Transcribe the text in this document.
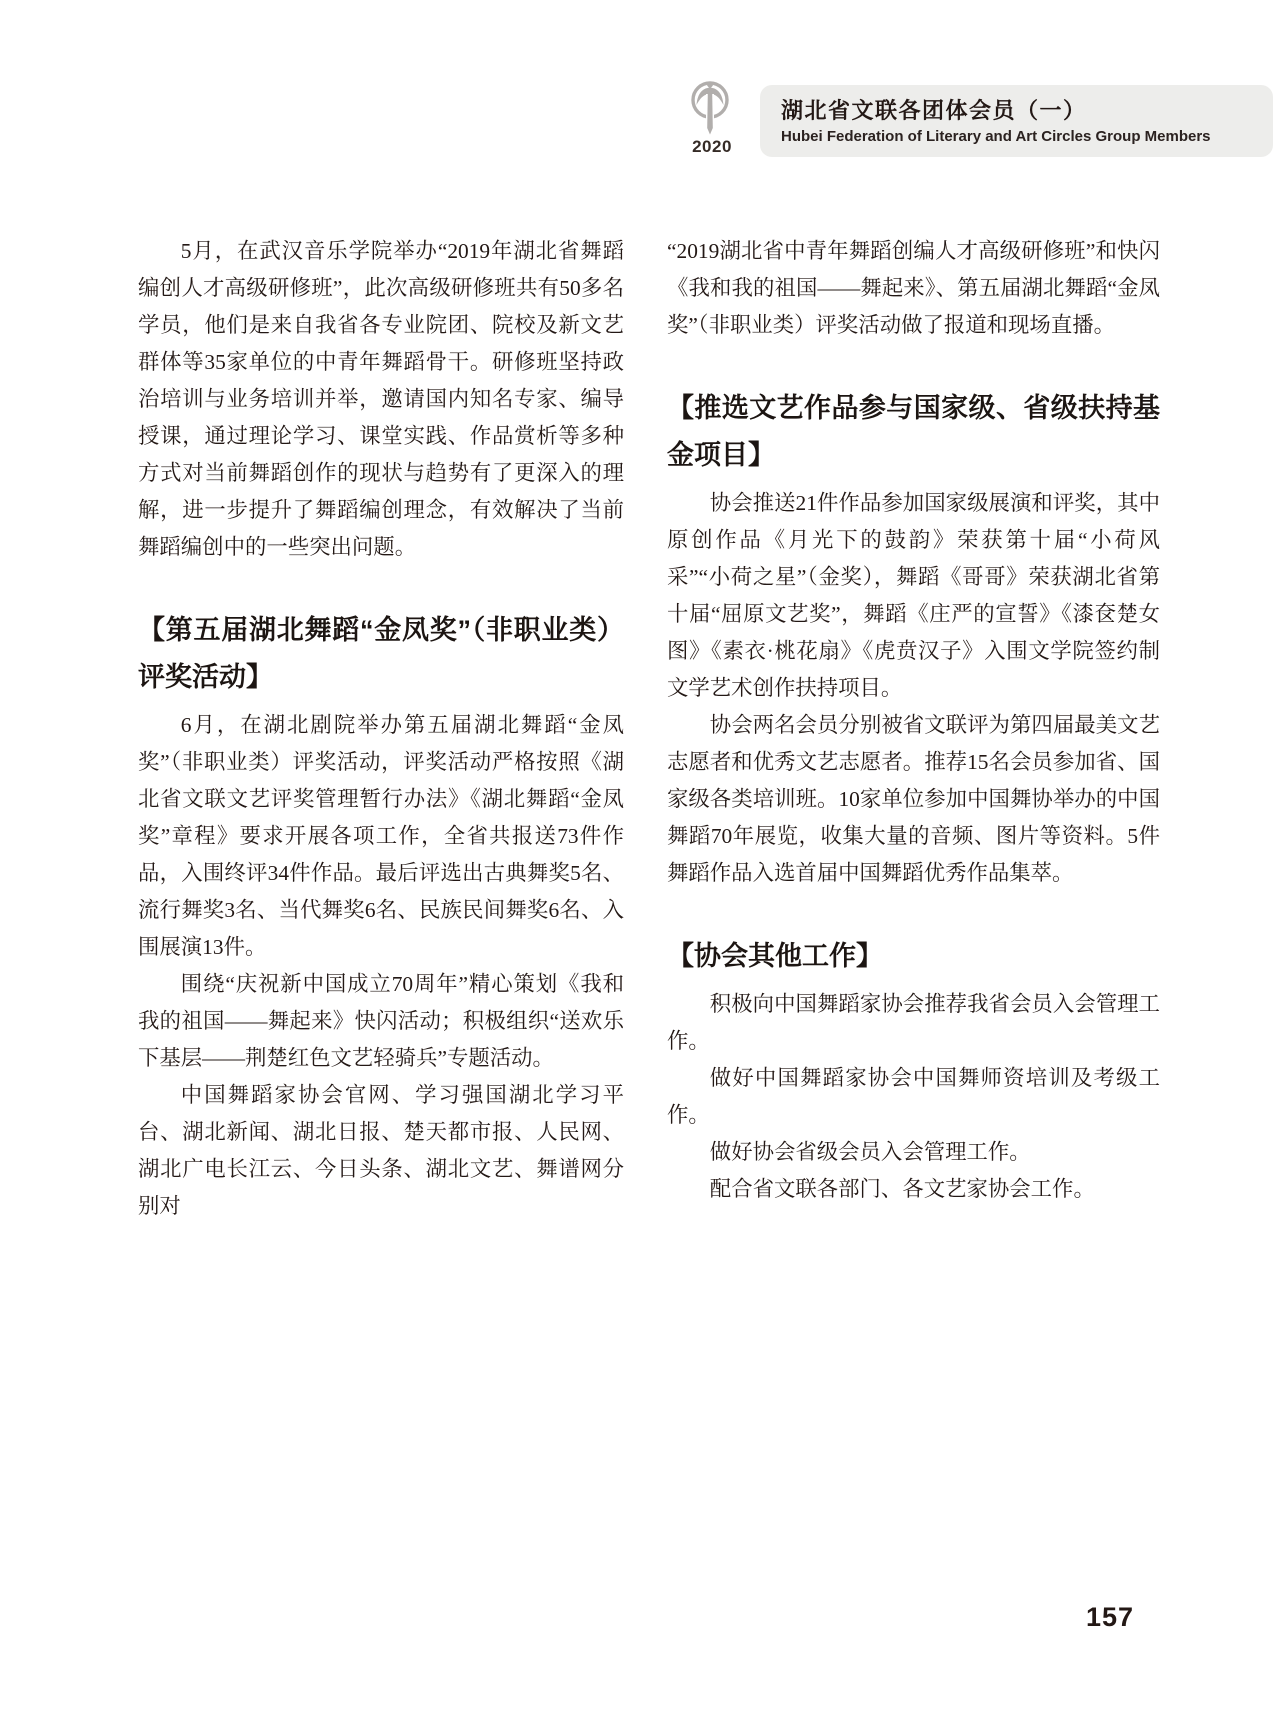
2020
湖北省文联各团体会员（一）
Hubei Federation of Literary and Art Circles Group Members

5月，在武汉音乐学院举办“2019年湖北省舞蹈编创人才高级研修班”，此次高级研修班共有50多名学员，他们是来自我省各专业院团、院校及新文艺群体等35家单位的中青年舞蹈骨干。研修班坚持政治培训与业务培训并举，邀请国内知名专家、编导授课，通过理论学习、课堂实践、作品赏析等多种方式对当前舞蹈创作的现状与趋势有了更深入的理解，进一步提升了舞蹈编创理念，有效解决了当前舞蹈编创中的一些突出问题。

【第五届湖北舞蹈“金凤奖”（非职业类）评奖活动】

6月，在湖北剧院举办第五届湖北舞蹈“金凤奖”（非职业类）评奖活动，评奖活动严格按照《湖北省文联文艺评奖管理暂行办法》《湖北舞蹈“金凤奖”章程》要求开展各项工作，全省共报送73件作品，入围终评34件作品。最后评选出古典舞奖5名、流行舞奖3名、当代舞奖6名、民族民间舞奖6名、入围展演13件。

围绕“庆祝新中国成立70周年”精心策划《我和我的祖国——舞起来》快闪活动；积极组织“送欢乐 下基层——荆楚红色文艺轻骑兵”专题活动。

中国舞蹈家协会官网、学习强国湖北学习平台、湖北新闻、湖北日报、楚天都市报、人民网、湖北广电长江云、今日头条、湖北文艺、舞谱网分别对

“2019湖北省中青年舞蹈创编人才高级研修班”和快闪《我和我的祖国——舞起来》、第五届湖北舞蹈“金凤奖”（非职业类）评奖活动做了报道和现场直播。

【推选文艺作品参与国家级、省级扶持基金项目】

协会推送21件作品参加国家级展演和评奖，其中原创作品《月光下的鼓韵》荣获第十届“小荷风采”“小荷之星”（金奖），舞蹈《哥哥》荣获湖北省第十届“屈原文艺奖”，舞蹈《庄严的宣誓》《漆奁楚女图》《素衣·桃花扇》《虎贲汉子》入围文学院签约制文学艺术创作扶持项目。

协会两名会员分别被省文联评为第四届最美文艺志愿者和优秀文艺志愿者。推荐15名会员参加省、国家级各类培训班。10家单位参加中国舞协举办的中国舞蹈70年展览，收集大量的音频、图片等资料。5件舞蹈作品入选首届中国舞蹈优秀作品集萃。

【协会其他工作】

积极向中国舞蹈家协会推荐我省会员入会管理工作。

做好中国舞蹈家协会中国舞师资培训及考级工作。

做好协会省级会员入会管理工作。

配合省文联各部门、各文艺家协会工作。

157
